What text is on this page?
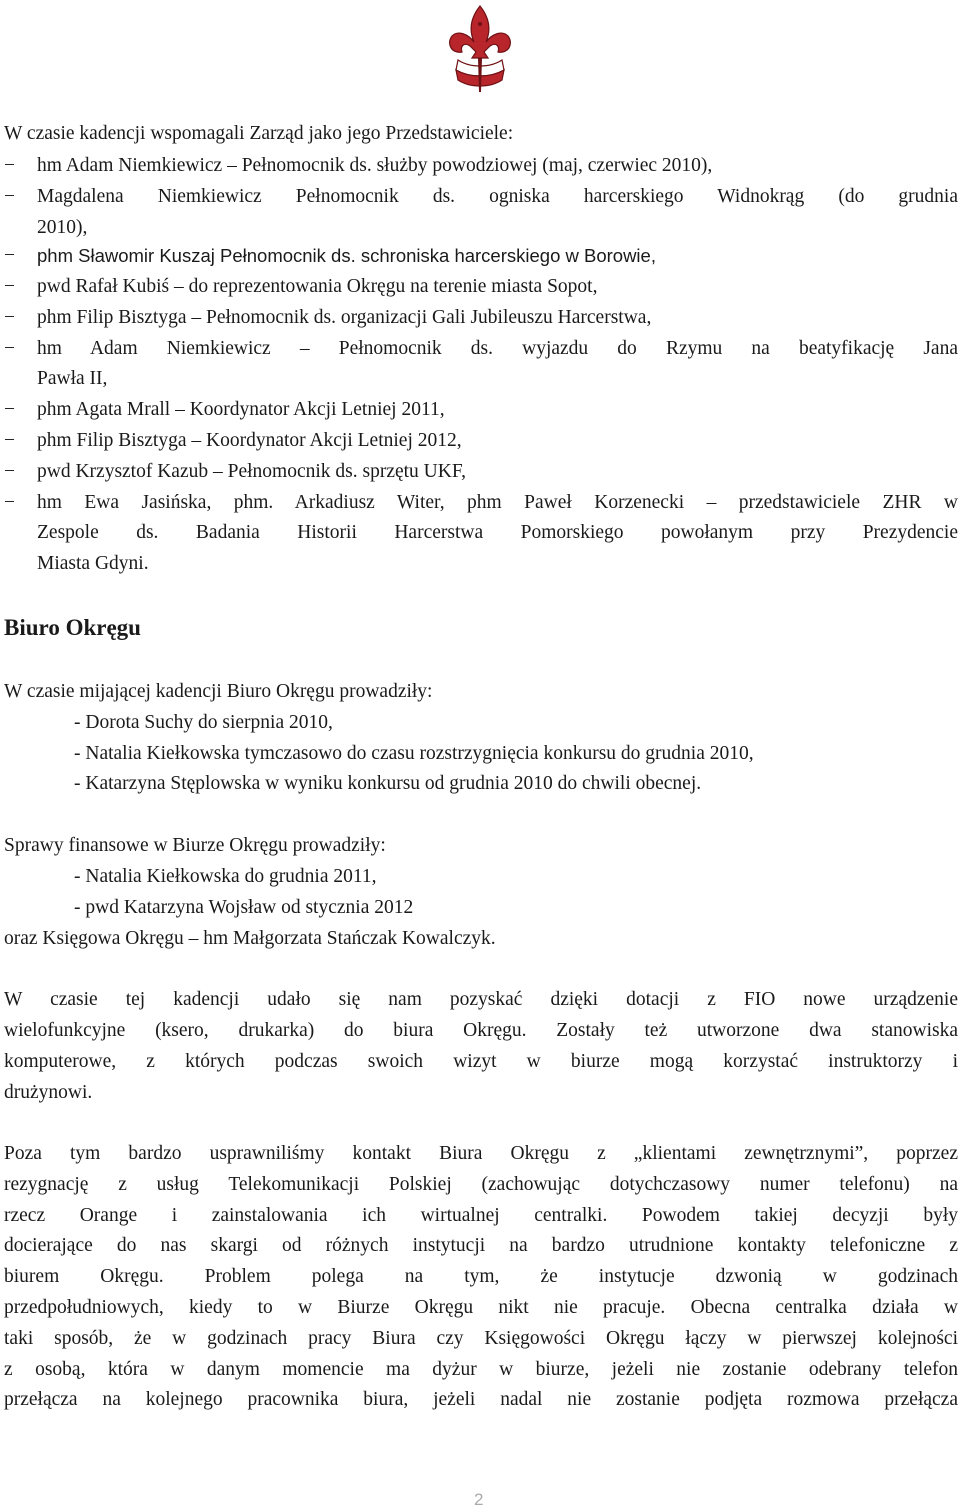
W czasie kadencji wspomagali Zarząd jako jego Przedstawiciele:
− hm Adam Niemkiewicz – Pełnomocnik ds. służby powodziowej (maj, czerwiec 2010),
− Magdalena Niemkiewicz Pełnomocnik ds. ogniska harcerskiego Widnokrąg (do grudnia
2010),
− phm Sławomir Kuszaj Pełnomocnik ds. schroniska harcerskiego w Borowie,
− pwd Rafał Kubiś – do reprezentowania Okręgu na terenie miasta Sopot,
− phm Filip Bisztyga – Pełnomocnik ds. organizacji Gali Jubileuszu Harcerstwa,
− hm Adam Niemkiewicz – Pełnomocnik ds. wyjazdu do Rzymu na beatyfikację Jana
Pawła II,
− phm Agata Mrall – Koordynator Akcji Letniej 2011,
− phm Filip Bisztyga – Koordynator Akcji Letniej 2012,
− pwd Krzysztof Kazub – Pełnomocnik ds. sprzętu UKF,
− hm Ewa Jasińska, phm. Arkadiusz Witer, phm Paweł Korzenecki – przedstawiciele ZHR w
Zespole ds. Badania Historii Harcerstwa Pomorskiego powołanym przy Prezydencie
Miasta Gdyni.
Biuro Okręgu
W czasie mijającej kadencji Biuro Okręgu prowadziły:
- Dorota Suchy do sierpnia 2010,
- Natalia Kiełkowska tymczasowo do czasu rozstrzygnięcia konkursu do grudnia 2010,
- Katarzyna Stęplowska w wyniku konkursu od grudnia 2010 do chwili obecnej.
Sprawy finansowe w Biurze Okręgu prowadziły:
- Natalia Kiełkowska do grudnia 2011,
- pwd Katarzyna Wojsław od stycznia 2012
oraz Księgowa Okręgu – hm Małgorzata Stańczak Kowalczyk.
W czasie tej kadencji udało się nam pozyskać dzięki dotacji z FIO nowe urządzenie
wielofunkcyjne (ksero, drukarka) do biura Okręgu. Zostały też utworzone dwa stanowiska
komputerowe, z których podczas swoich wizyt w biurze mogą korzystać instruktorzy i
drużynowi.
Poza tym bardzo usprawniliśmy kontakt Biura Okręgu z „klientami zewnętrznymi”, poprzez
rezygnację z usług Telekomunikacji Polskiej (zachowując dotychczasowy numer telefonu) na
rzecz Orange i zainstalowania ich wirtualnej centralki. Powodem takiej decyzji były
docierające do nas skargi od różnych instytucji na bardzo utrudnione kontakty telefoniczne z
biurem Okręgu. Problem polega na tym, że instytucje dzwonią w godzinach
przedpołudniowych, kiedy to w Biurze Okręgu nikt nie pracuje. Obecna centralka działa w
taki sposób, że w godzinach pracy Biura czy Księgowości Okręgu łączy w pierwszej kolejności
z osobą, która w danym momencie ma dyżur w biurze, jeżeli nie zostanie odebrany telefon
przełącza na kolejnego pracownika biura, jeżeli nadal nie zostanie podjęta rozmowa przełącza
2
